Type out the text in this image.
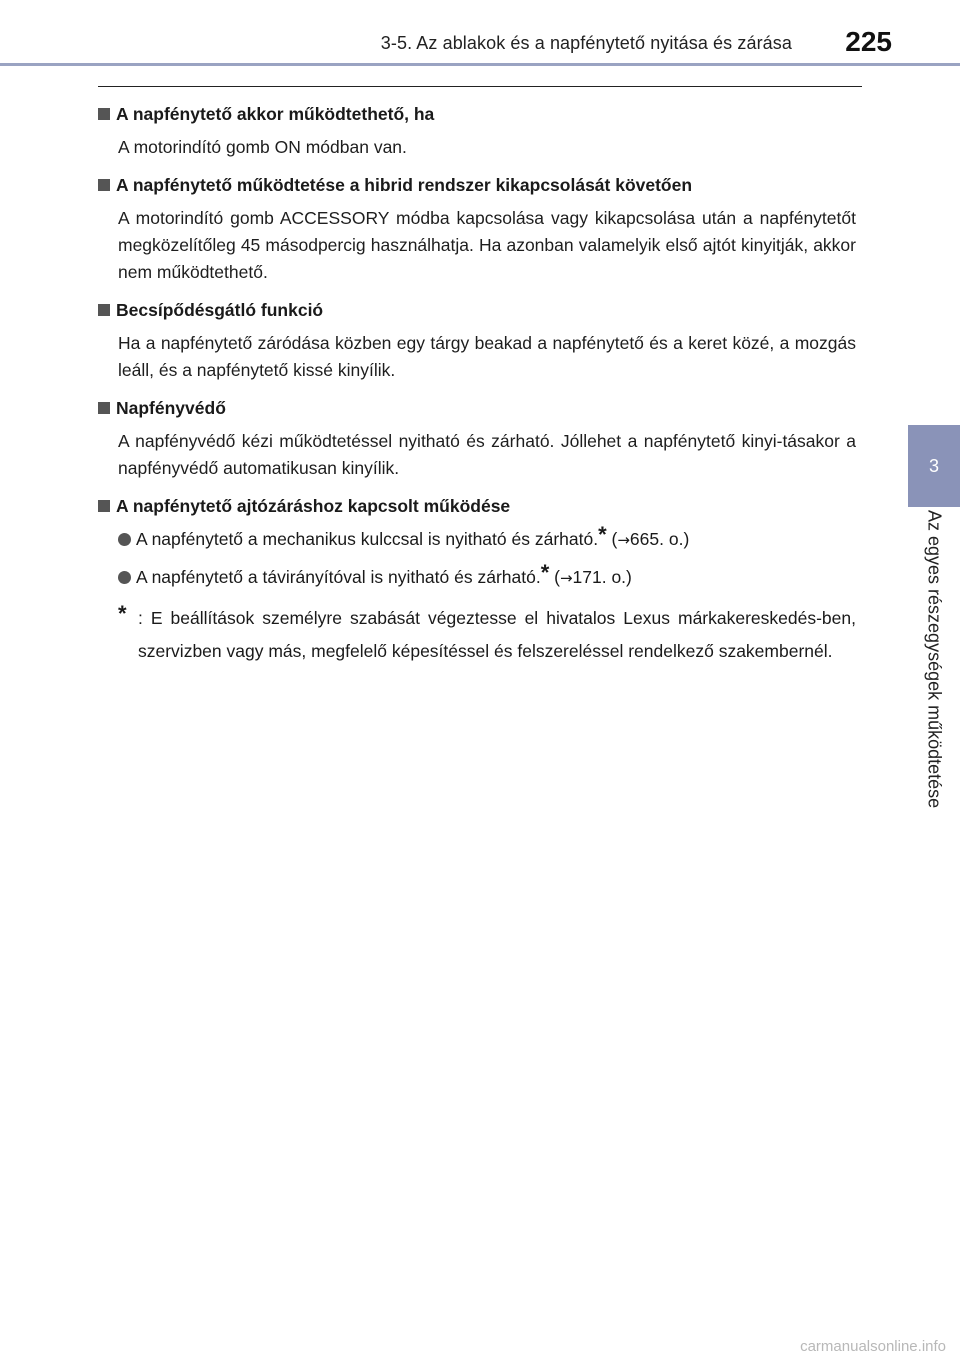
3-5. Az ablakok és a napfénytető nyitása és zárása 225
3
Az egyes részegységek működtetése
A napfénytető akkor működtethető, ha

A motorindító gomb ON módban van.

A napfénytető működtetése a hibrid rendszer kikapcsolását követően

A motorindító gomb ACCESSORY módba kapcsolása vagy kikapcsolása után a napfénytetőt megközelítőleg 45 másodpercig használhatja. Ha azonban valamelyik első ajtót kinyitják, akkor nem működtethető.

Becsípődésgátló funkció

Ha a napfénytető záródása közben egy tárgy beakad a napfénytető és a keret közé, a mozgás leáll, és a napfénytető kissé kinyílik.

Napfényvédő

A napfényvédő kézi működtetéssel nyitható és zárható. Jóllehet a napfénytető kinyi-tásakor a napfényvédő automatikusan kinyílik.

A napfénytető ajtózáráshoz kapcsolt működése
A napfénytető a mechanikus kulccsal is nyitható és zárható.* (→665. o.)
A napfénytető a távirányítóval is nyitható és zárható.* (→171. o.)
* : E beállítások személyre szabását végeztesse el hivatalos Lexus márkakereskedés-ben, szervizben vagy más, megfelelő képesítéssel és felszereléssel rendelkező szakembernél.
carmanualsonline.info
